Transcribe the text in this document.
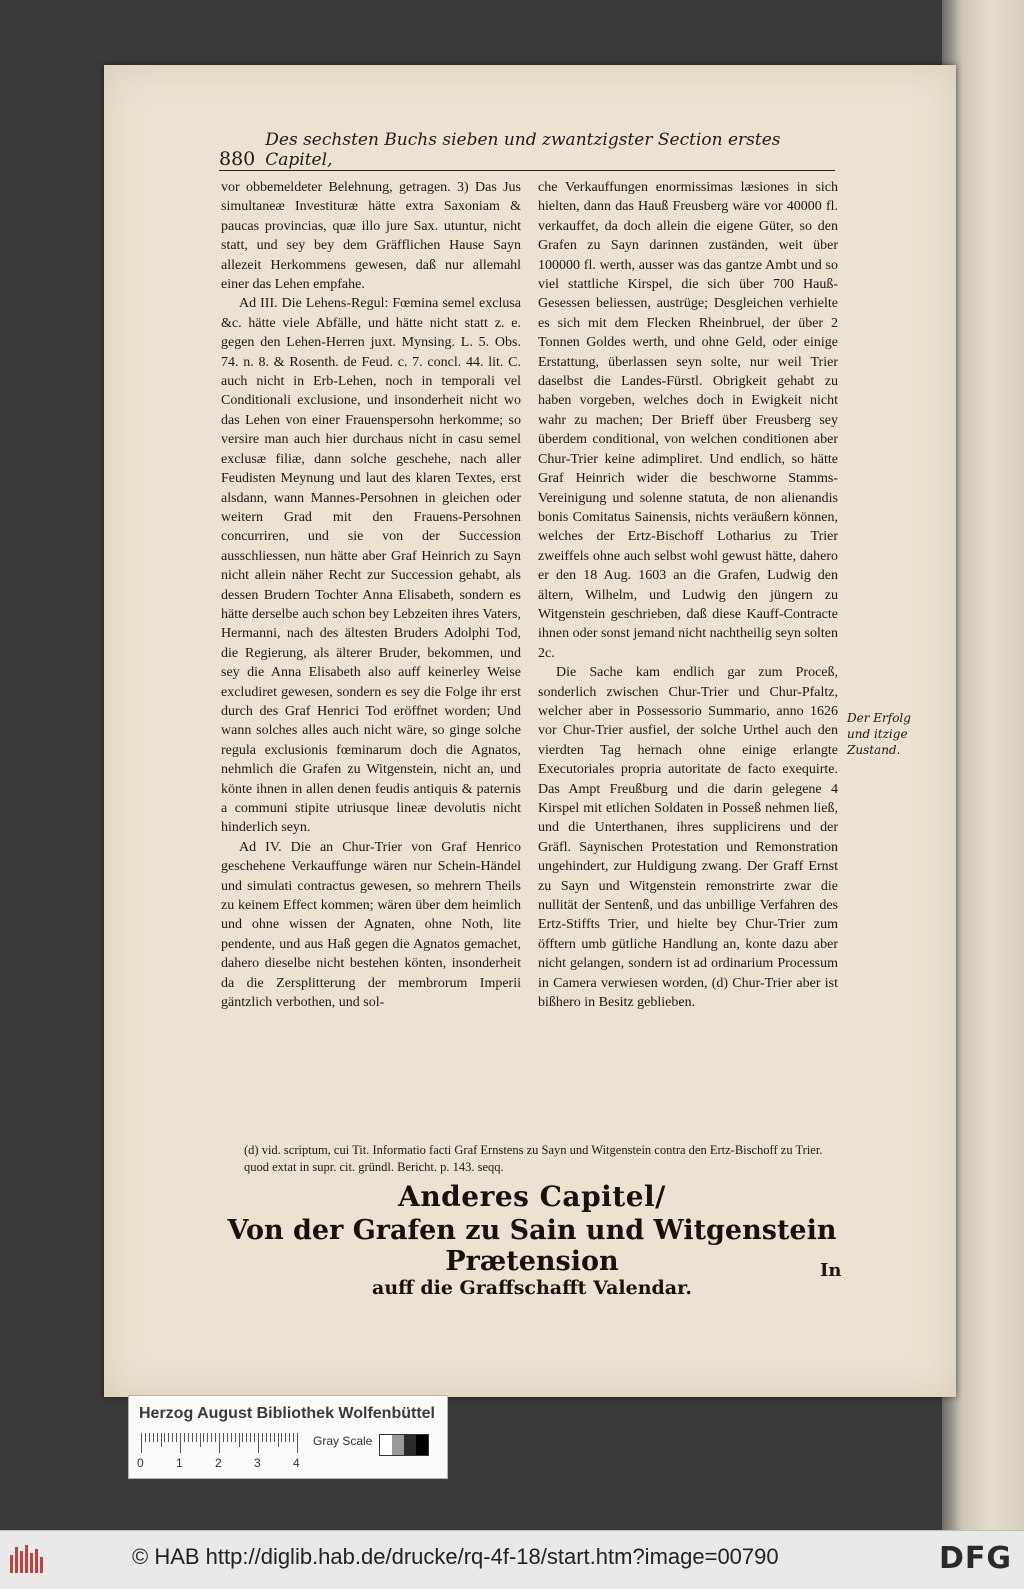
880
Des sechsten Buchs sieben und zwantzigster Section erstes Capitel,

vor obbemeldeter Belehnung, getragen. 3) Das Jus simultaneæ Investituræ hätte extra Saxoniam & paucas provincias, quæ illo jure Sax. utuntur, nicht statt, und sey bey dem Gräfflichen Hause Sayn allezeit Herkommens gewesen, daß nur allemahl einer das Lehen empfahe.

Ad III. Die Lehens-Regul: Fœmina semel exclusa &c. hätte viele Abfälle, und hätte nicht statt z. e. gegen den Lehen-Herren juxt. Mynsing. L. 5. Obs. 74. n. 8. & Rosenth. de Feud. c. 7. concl. 44. lit. C. auch nicht in Erb-Lehen, noch in temporali vel Conditionali exclusione, und insonderheit nicht wo das Lehen von einer Frauenspersohn herkomme; so versire man auch hier durchaus nicht in casu semel exclusæ filiæ, dann solche geschehe, nach aller Feudisten Meynung und laut des klaren Textes, erst alsdann, wann Mannes-Persohnen in gleichen oder weitern Grad mit den Frauens-Persohnen concurriren, und sie von der Succession ausschliessen, nun hätte aber Graf Heinrich zu Sayn nicht allein näher Recht zur Succession gehabt, als dessen Brudern Tochter Anna Elisabeth, sondern es hätte derselbe auch schon bey Lebzeiten ihres Vaters, Hermanni, nach des ältesten Bruders Adolphi Tod, die Regierung, als älterer Bruder, bekommen, und sey die Anna Elisabeth also auff keinerley Weise excludiret gewesen, sondern es sey die Folge ihr erst durch des Graf Henrici Tod eröffnet worden; Und wann solches alles auch nicht wäre, so ginge solche regula exclusionis fœminarum doch die Agnatos, nehmlich die Grafen zu Witgenstein, nicht an, und könte ihnen in allen denen feudis antiquis & paternis a communi stipite utriusque lineæ devolutis nicht hinderlich seyn.

Ad IV. Die an Chur-Trier von Graf Henrico geschehene Verkauffunge wären nur Schein-Händel und simulati contractus gewesen, so mehrern Theils zu keinem Effect kommen; wären über dem heimlich und ohne wissen der Agnaten, ohne Noth, lite pendente, und aus Haß gegen die Agnatos gemachet, dahero dieselbe nicht bestehen könten, insonderheit da die Zersplitterung der membrorum Imperii gäntzlich verbothen, und sol-

che Verkauffungen enormissimas læsiones in sich hielten, dann das Hauß Freusberg wäre vor 40000 fl. verkauffet, da doch allein die eigene Güter, so den Grafen zu Sayn darinnen zuständen, weit über 100000 fl. werth, ausser was das gantze Ambt und so viel stattliche Kirspel, die sich über 700 Hauß-Gesessen beliessen, austrüge; Desgleichen verhielte es sich mit dem Flecken Rheinbruel, der über 2 Tonnen Goldes werth, und ohne Geld, oder einige Erstattung, überlassen seyn solte, nur weil Trier daselbst die Landes-Fürstl. Obrigkeit gehabt zu haben vorgeben, welches doch in Ewigkeit nicht wahr zu machen; Der Brieff über Freusberg sey überdem conditional, von welchen conditionen aber Chur-Trier keine adimpliret. Und endlich, so hätte Graf Heinrich wider die beschworne Stamms-Vereinigung und solenne statuta, de non alienandis bonis Comitatus Sainensis, nichts veräußern können, welches der Ertz-Bischoff Lotharius zu Trier zweiffels ohne auch selbst wohl gewust hätte, dahero er den 18 Aug. 1603 an die Grafen, Ludwig den ältern, Wilhelm, und Ludwig den jüngern zu Witgenstein geschrieben, daß diese Kauff-Contracte ihnen oder sonst jemand nicht nachtheilig seyn solten 2c.

Die Sache kam endlich gar zum Proceß, sonderlich zwischen Chur-Trier und Chur-Pfaltz, welcher aber in Possessorio Summario, anno 1626 vor Chur-Trier ausfiel, der solche Urthel auch den vierdten Tag hernach ohne einige erlangte Executoriales propria autoritate de facto exequirte. Das Ampt Freußburg und die darin gelegene 4 Kirspel mit etlichen Soldaten in Posseß nehmen ließ, und die Unterthanen, ihres supplicirens und der Gräfl. Saynischen Protestation und Remonstration ungehindert, zur Huldigung zwang. Der Graff Ernst zu Sayn und Witgenstein remonstrirte zwar die nullität der Sentenß, und das unbillige Verfahren des Ertz-Stiffts Trier, und hielte bey Chur-Trier zum öfftern umb gütliche Handlung an, konte dazu aber nicht gelangen, sondern ist ad ordinarium Processum in Camera verwiesen worden, (d) Chur-Trier aber ist bißhero in Besitz geblieben.

Der Erfolg und itzige Zustand.
(d) vid. scriptum, cui Tit. Informatio facti Graf Ernstens zu Sayn und Witgenstein contra den Ertz-Bischoff zu Trier. quod extat in supr. cit. gründl. Bericht. p. 143. seqq.
Anderes Capitel/
Von der Grafen zu Sain und Witgenstein Prætension
auff die Graffschafft Valendar.
In
Herzog August Bibliothek Wolfenbüttel
0	1	2	3	4
Gray Scale
© HAB http://diglib.hab.de/drucke/rq-4f-18/start.htm?image=00790	DFG
